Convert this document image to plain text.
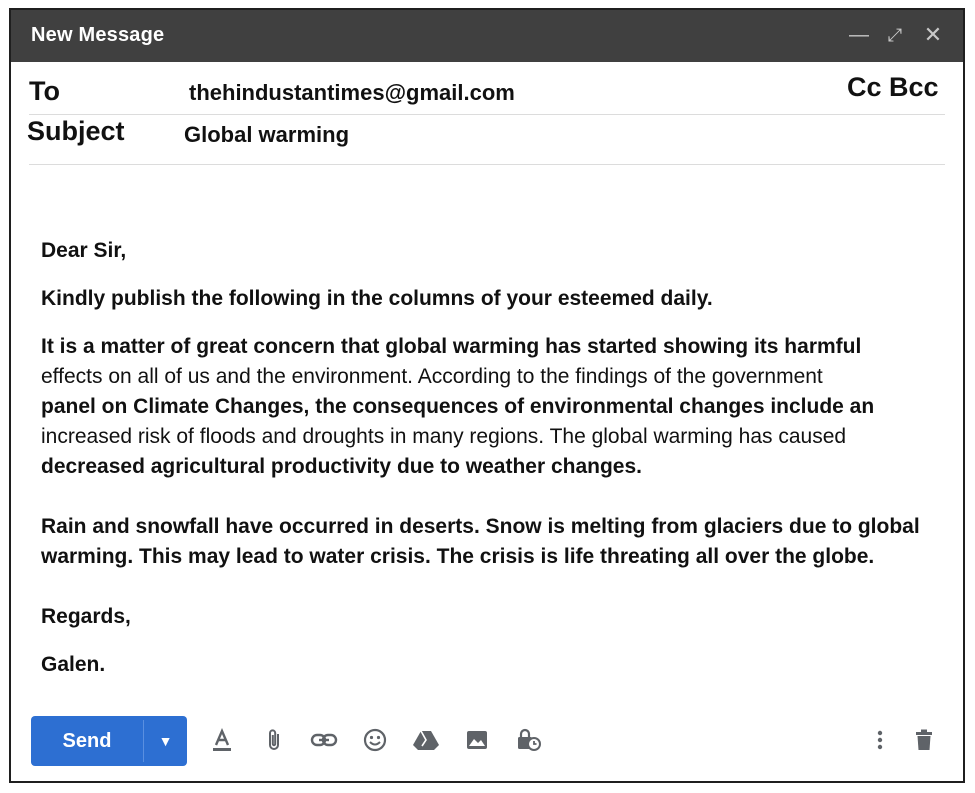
New Message	— ⤢ ✕
To	thehindustantimes@gmail.com	Cc Bcc
Subject	Global warming

Dear Sir,

Kindly publish the following in the columns of your esteemed daily.

It is a matter of great concern that global warming has started showing its harmful

effects on all of us and the environment. According to the findings of the government

panel on Climate Changes, the consequences of environmental changes include an

increased risk of floods and droughts in many regions. The global warming has caused

decreased agricultural productivity due to weather changes.

Rain and snowfall have occurred in deserts. Snow is melting from glaciers due to global warming. This may lead to water crisis. The crisis is life threating all over the globe.

Regards,

Galen.

Send	▼
